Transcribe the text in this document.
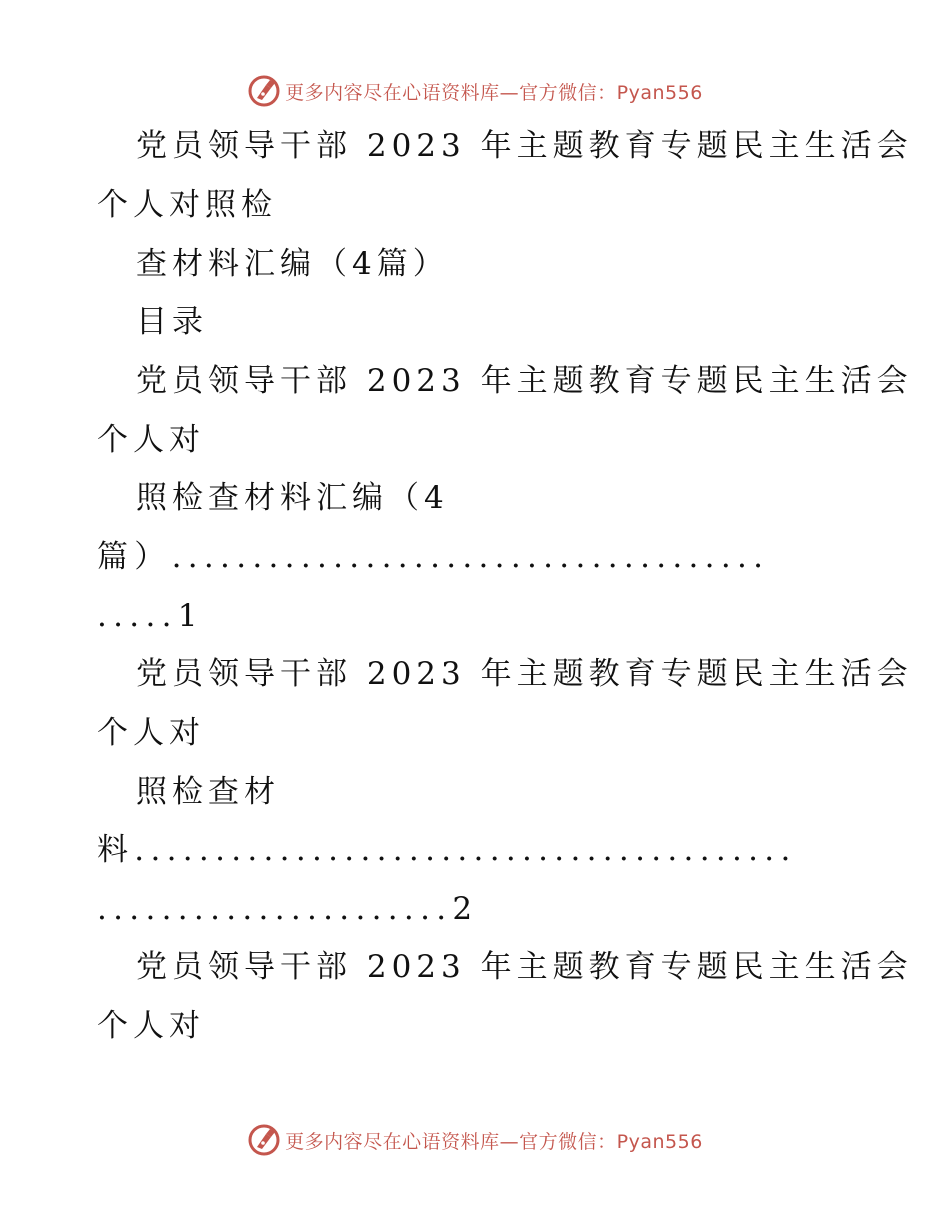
更多内容尽在心语资料库—官方微信：Pyan556
党员领导干部 2023 年主题教育专题民主生活会
个人对照检
查材料汇编（4篇）
目录
党员领导干部 2023 年主题教育专题民主生活会
个人对
照检查材料汇编（4
篇）.....................................
.....1
党员领导干部 2023 年主题教育专题民主生活会
个人对
照检查材
料.........................................
......................2
党员领导干部 2023 年主题教育专题民主生活会
个人对
更多内容尽在心语资料库—官方微信：Pyan556
